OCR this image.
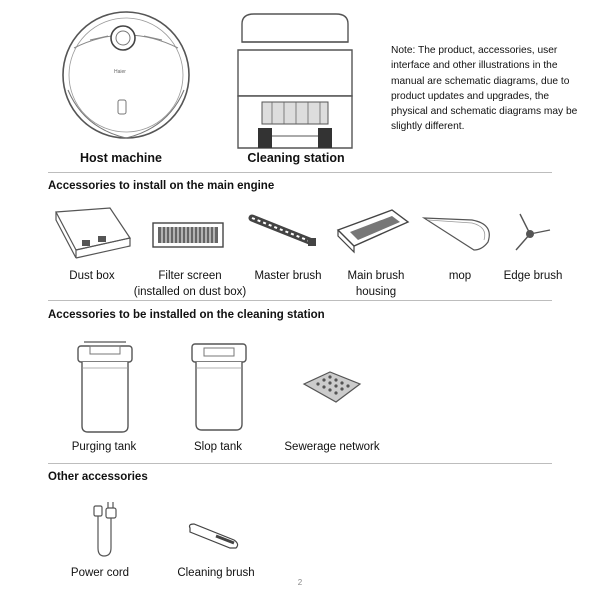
Haier
Host machine	Cleaning station
Note: The product, accessories, user interface and other illustrations in the manual are schematic diagrams, due to product updates and upgrades, the physical and schematic diagrams may be slightly different.
Accessories to install on the main engine
Dust box	Filter screen
(installed on dust box)
Master brush	Main brush
housing
mop	Edge brush
Accessories to be installed on the cleaning station
Purging tank	Slop tank	Sewerage network
Other accessories
Power cord	Cleaning brush
2
